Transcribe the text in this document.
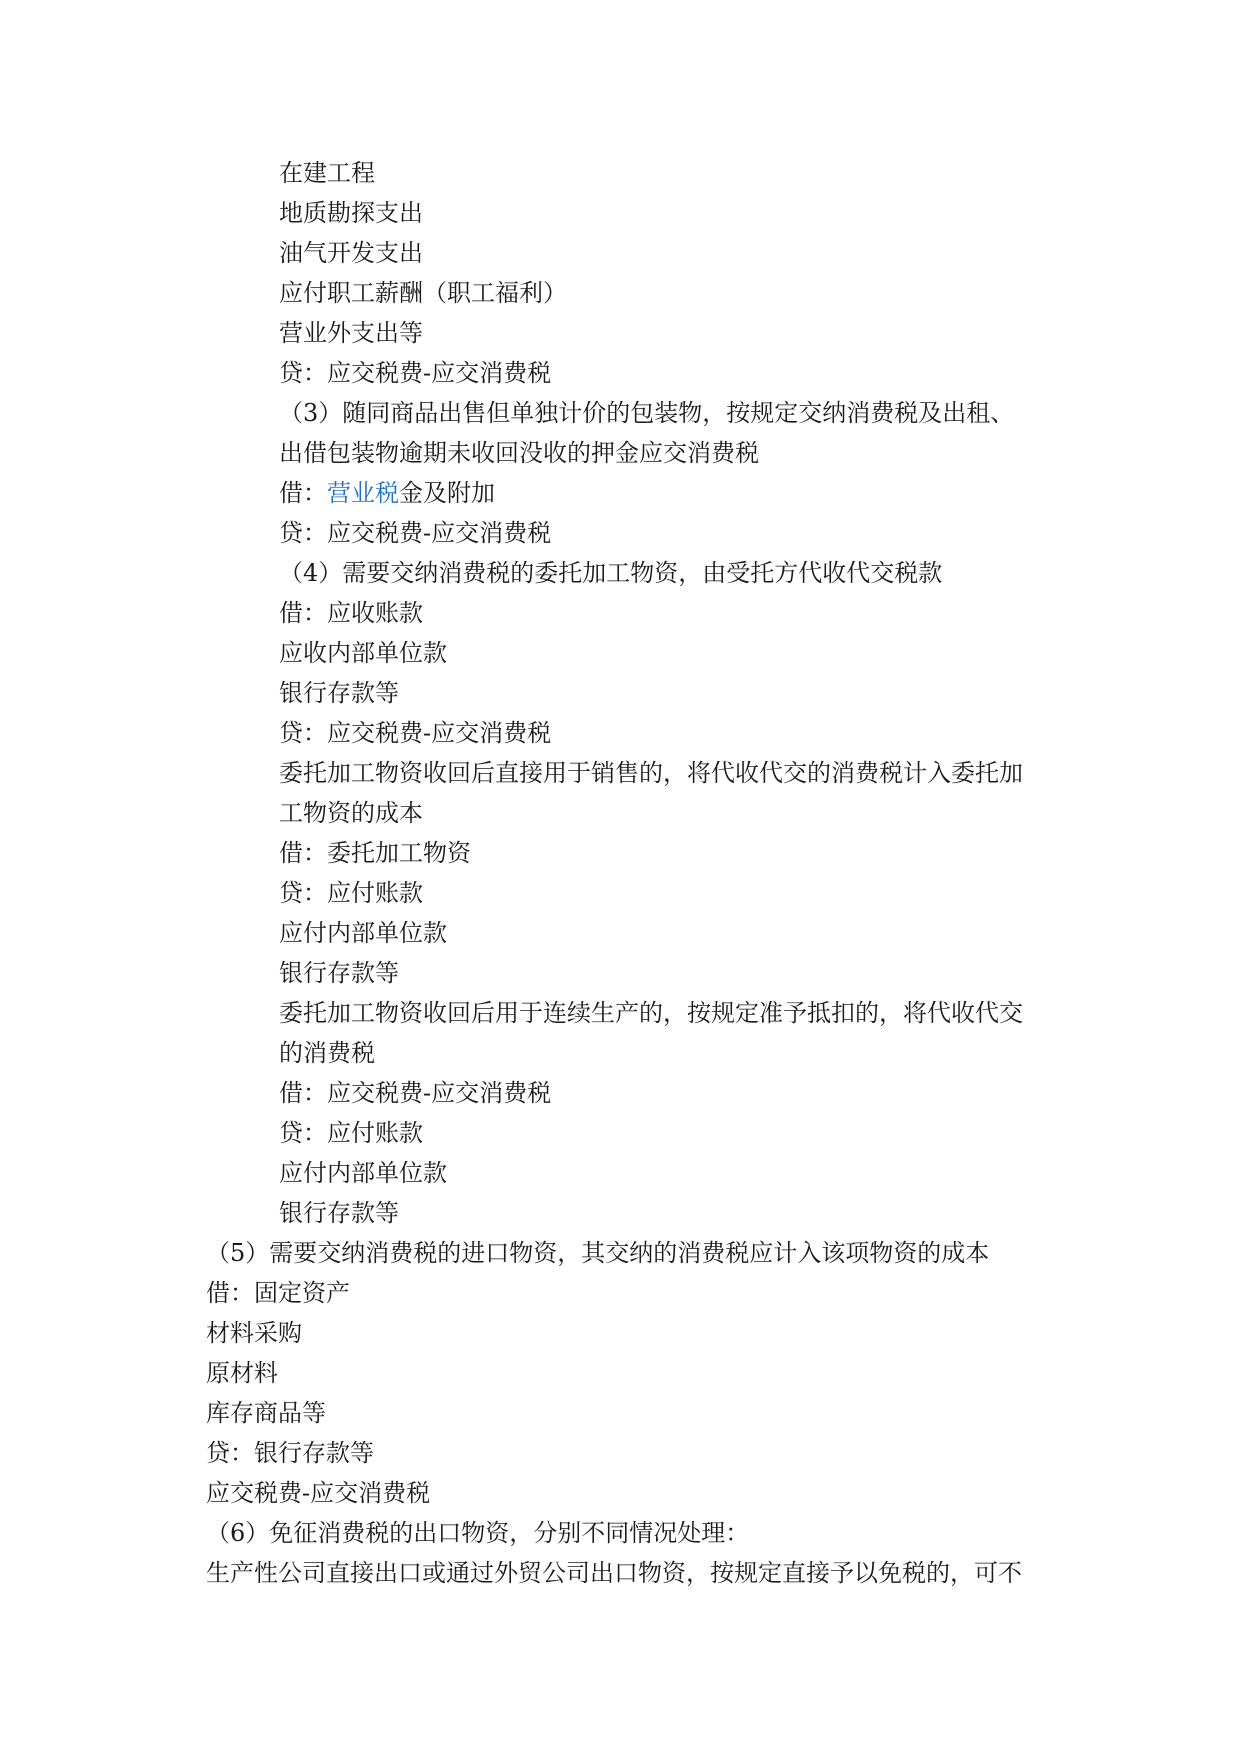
在建工程

地质勘探支出

油气开发支出

应付职工薪酬（职工福利）

营业外支出等

贷：应交税费-应交消费税

（3）随同商品出售但单独计价的包装物，按规定交纳消费税及出租、

出借包装物逾期未收回没收的押金应交消费税

借：营业税金及附加

贷：应交税费-应交消费税

（4）需要交纳消费税的委托加工物资，由受托方代收代交税款

借：应收账款

应收内部单位款

银行存款等

贷：应交税费-应交消费税

委托加工物资收回后直接用于销售的，将代收代交的消费税计入委托加

工物资的成本

借：委托加工物资

贷：应付账款

应付内部单位款

银行存款等

委托加工物资收回后用于连续生产的，按规定准予抵扣的，将代收代交

的消费税

借：应交税费-应交消费税

贷：应付账款

应付内部单位款

银行存款等

（5）需要交纳消费税的进口物资，其交纳的消费税应计入该项物资的成本

借：固定资产

材料采购

原材料

库存商品等

贷：银行存款等

应交税费-应交消费税

（6）免征消费税的出口物资，分别不同情况处理：

生产性公司直接出口或通过外贸公司出口物资，按规定直接予以免税的，可不
